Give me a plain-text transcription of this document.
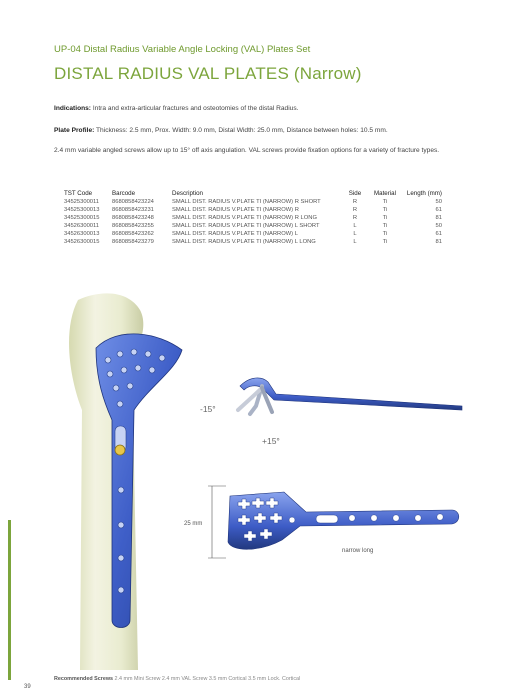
UP-04 Distal Radius Variable Angle Locking (VAL) Plates Set
DISTAL RADIUS VAL PLATES (Narrow)
Indications: Intra and extra-articular fractures and osteotomies of the distal Radius.
Plate Profile: Thickness: 2.5 mm, Prox. Width: 9.0 mm, Distal Width: 25.0 mm, Distance between holes: 10.5 mm.
2.4 mm variable angled screws allow up to 15° off axis angulation. VAL screws provide fixation options for a variety of fracture types.
TST Code	Barcode	Description	Side	Material	Length (mm)
34525300011	8680858423224	SMALL DIST. RADIUS V.PLATE TI (NARROW) R SHORT	R	Ti	50
34525300013	8680858423231	SMALL DIST. RADIUS V.PLATE TI (NARROW) R	R	Ti	61
34525300015	8680858423248	SMALL DIST. RADIUS V.PLATE TI (NARROW) R LONG	R	Ti	81
34526300011	8680858423255	SMALL DIST. RADIUS V.PLATE TI (NARROW) L SHORT	L	Ti	50
34526300013	8680858423262	SMALL DIST. RADIUS V.PLATE TI (NARROW) L	L	Ti	61
34526300015	8680858423279	SMALL DIST. RADIUS V.PLATE TI (NARROW) L LONG	L	Ti	81
-15°
+15°
25 mm
narrow long
Recommended Screws 2.4 mm Mini Screw 2.4 mm VAL Screw 3.5 mm Cortical 3.5 mm Lock. Cortical
39
